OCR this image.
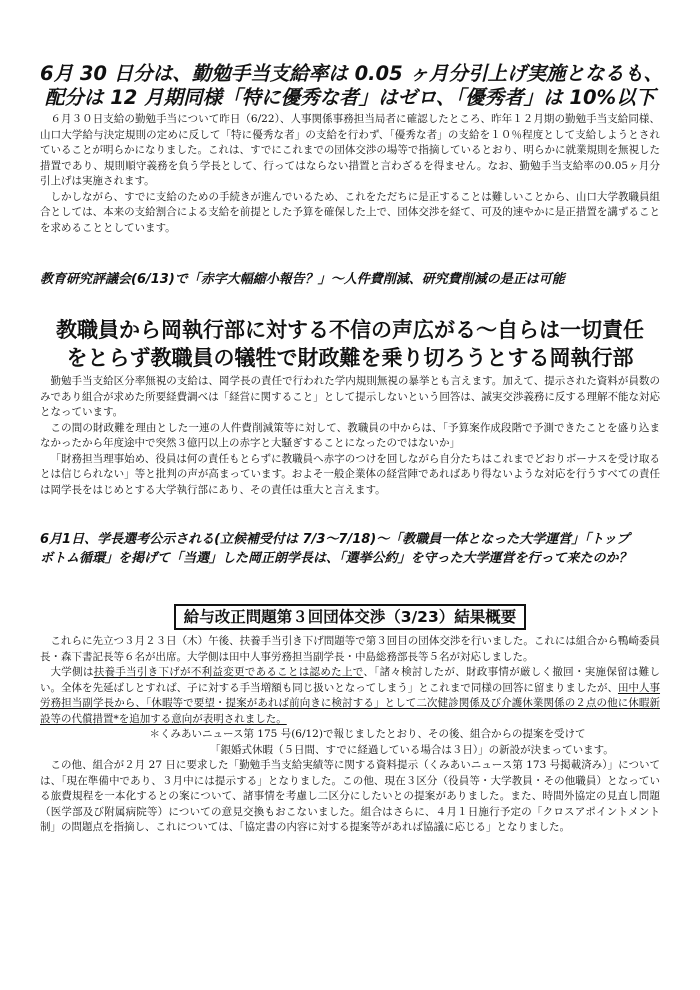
6月 30 日分は、勤勉手当支給率は 0.05 ヶ月分引上げ実施となるも、
配分は 12 月期同様「特に優秀な者」はゼロ、「優秀者」は 10%以下

６月３０日支給の勤勉手当について昨日（6/22）、人事関係事務担当局者に確認したところ、昨年１２月期の勤勉手当支給同様、山口大学給与決定規則の定めに反して「特に優秀な者」の支給を行わず、「優秀な者」の支給を１０％程度として支給しようとされていることが明らかになりました。これは、すでにこれまでの団体交渉の場等で指摘しているとおり、明らかに就業規則を無視した措置であり、規則順守義務を負う学長として、行ってはならない措置と言わざるを得ません。なお、勤勉手当支給率の0.05ヶ月分引上げは実施されます。

しかしながら、すでに支給のための手続きが進んでいるため、これをただちに是正することは難しいことから、山口大学教職員組合としては、本来の支給割合による支給を前提とした予算を確保した上で、団体交渉を経て、可及的速やかに是正措置を講ずることを求めることとしています。

教育研究評議会(6/13)で「赤字大幅縮小報告？」～人件費削減、研究費削減の是正は可能

教職員から岡執行部に対する不信の声広がる～自らは一切責任
をとらず教職員の犠牲で財政難を乗り切ろうとする岡執行部

勤勉手当支給区分率無視の支給は、岡学長の責任で行われた学内規則無視の暴挙とも言えます。加えて、提示された資料が員数のみであり組合が求めた所要経費調べは「経営に関すること」として提示しないという回答は、誠実交渉義務に反する理解不能な対応となっています。

この間の財政難を理由とした一連の人件費削減策等に対して、教職員の中からは、「予算案作成段階で予測できたことを盛り込まなかったから年度途中で突然３億円以上の赤字と大騒ぎすることになったのではないか」

「財務担当理事始め、役員は何の責任もとらずに教職員へ赤字のつけを回しながら自分たちはこれまでどおりボーナスを受け取るとは信じられない」等と批判の声が高まっています。およそ一般企業体の経営陣であればあり得ないような対応を行うすべての責任は岡学長をはじめとする大学執行部にあり、その責任は重大と言えます。

6月1日、学長選考公示される(立候補受付は 7/3～7/18)～「教職員一体となった大学運営」「トップ

ボトム循環」を掲げて「当選」した岡正朗学長は、「選挙公約」を守った大学運営を行って来たのか？

給与改正問題第３回団体交渉（3/23）結果概要

これらに先立つ３月２３日（木）午後、扶養手当引き下げ問題等で第３回目の団体交渉を行いました。これには組合から鴨崎委員長・森下書記長等６名が出席。大学側は田中人事労務担当副学長・中島総務部長等５名が対応しました。

大学側は扶養手当引き下げが不利益変更であることは認めた上で、「諸々検討したが、財政事情が厳しく撤回・実施保留は難しい。全体を先延ばしとすれば、子に対する手当増額も同じ扱いとなってしまう」とこれまで同様の回答に留まりましたが、田中人事労務担当副学長から、「休暇等で要望・提案があれば前向きに検討する」として二次健診関係及び介護休業関係の２点の他に休暇新設等の代償措置*を追加する意向が表明されました。

＊くみあいニュース第 175 号(6/12)で報じましたとおり、その後、組合からの提案を受けて

「銀婚式休暇（５日間、すでに経過している場合は３日）」の新設が決まっています。

この他、組合が２月 27 日に要求した「勤勉手当支給実績等に関する資料提示（くみあいニュース第 173 号掲載済み）」については、「現在準備中であり、３月中には提示する」となりました。この他、現在３区分（役員等・大学教員・その他職員）となっている旅費規程を一本化するとの案について、諸事情を考慮し二区分にしたいとの提案がありました。また、時間外協定の見直し問題（医学部及び附属病院等）についての意見交換もおこないました。組合はさらに、４月１日施行予定の「クロスアポイントメント制」の問題点を指摘し、これについては、「協定書の内容に対する提案等があれば協議に応じる」となりました。
